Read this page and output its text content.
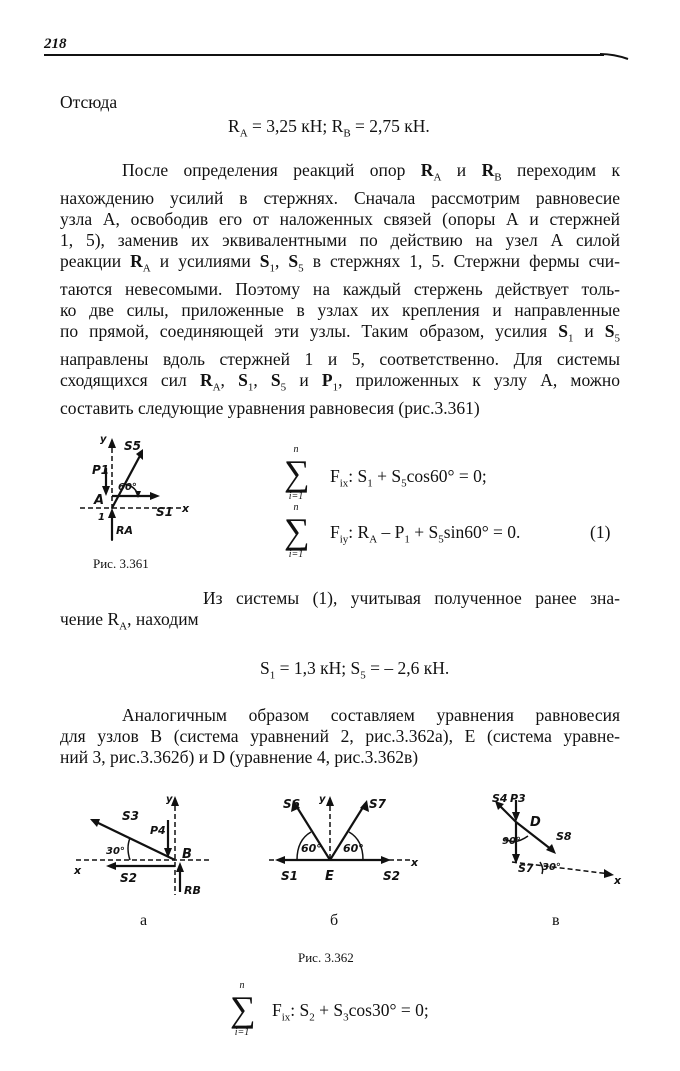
218
Отсюда
$R_A = 3,25$ кН; $R_B = 2,75$ кН.
После определения реакций опор $R_A$ и $R_B$ переходим к
нахождению усилий в стержнях. Сначала рассмотрим равновесие
узла А, освободив его от наложенных связей (опоры А и стержней
1, 5), заменив их эквивалентными по действию на узел А силой
реакции $R_A$ и усилиями $S_1$, $S_5$ в стержнях 1, 5. Стержни фермы счи-
таются невесомыми. Поэтому на каждый стержень действует толь-
ко две силы, приложенные в узлах их крепления и направленные
по прямой, соединяющей эти узлы. Таким образом, усилия $S_1$ и $S_5$
направлены вдоль стержней 1 и 5, соответственно. Для системы
сходящихся сил $R_A$, $S_1$, $S_5$ и $P_1$, приложенных к узлу А, можно
составить следующие уравнения равновесия (рис.3.361)
y S5
P1
A
60°
S1 x
RA
1
Рис. 3.361
n
∑
i=1
$F_{ix}$: $S_1 + S_5\cos 60^\circ = 0$;
n
∑
i=1
$F_{iy}$: $R_A - P_1 + S_5\sin 60^\circ = 0$.	(1)
Из системы (1), учитывая полученное ранее зна-
чение $R_A$, находим
$S_1 = 1,3$ кН; $S_5$ = – 2,6 кН.
Аналогичным образом составляем уравнения равновесия
для узлов B (система уравнений 2, рис.3.362а), E (система уравне-
ний 3, рис.3.362б) и D (уравнение 4, рис.3.362в)
S3
P4
y
B
30°
x
S2
RB
а
S6 y	S7
60° 60°
S1 E	S2
x
б
S4 P3
D
S8
90°
S7 30°
x
в
Рис. 3.362
n
∑
i=1
$F_{ix}$: $S_2 + S_3\cos 30^\circ = 0$;
